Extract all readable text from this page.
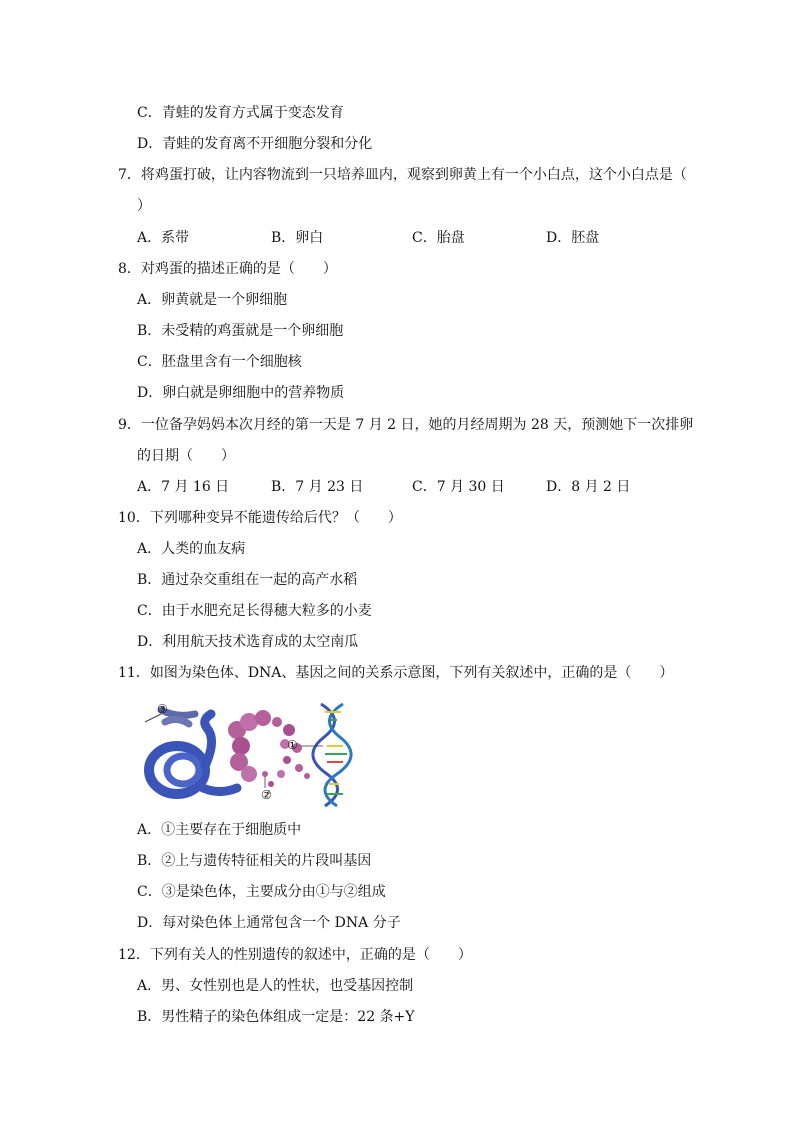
C．青蛙的发育方式属于变态发育
D．青蛙的发育离不开细胞分裂和分化
7．将鸡蛋打破，让内容物流到一只培养皿内，观察到卵黄上有一个小白点，这个小白点是（
）
A．系带	B．卵白	C．胎盘	D．胚盘
8．对鸡蛋的描述正确的是（　　）
A．卵黄就是一个卵细胞
B．未受精的鸡蛋就是一个卵细胞
C．胚盘里含有一个细胞核
D．卵白就是卵细胞中的营养物质
9．一位备孕妈妈本次月经的第一天是 7 月 2 日，她的月经周期为 28 天，预测她下一次排卵
的日期（　　）
A．7 月 16 日	B．7 月 23 日	C．7 月 30 日	D．8 月 2 日
10．下列哪种变异不能遗传给后代？（　　）
A．人类的血友病
B．通过杂交重组在一起的高产水稻
C．由于水肥充足长得穗大粒多的小麦
D．利用航天技术选育成的太空南瓜
11．如图为染色体、DNA、基因之间的关系示意图，下列有关叙述中，正确的是（　　）
③
①
②
A．①主要存在于细胞质中
B．②上与遗传特征相关的片段叫基因
C．③是染色体，主要成分由①与②组成
D．每对染色体上通常包含一个 DNA 分子
12．下列有关人的性别遗传的叙述中，正确的是（　　）
A．男、女性别也是人的性状，也受基因控制
B．男性精子的染色体组成一定是：22 条+Y
